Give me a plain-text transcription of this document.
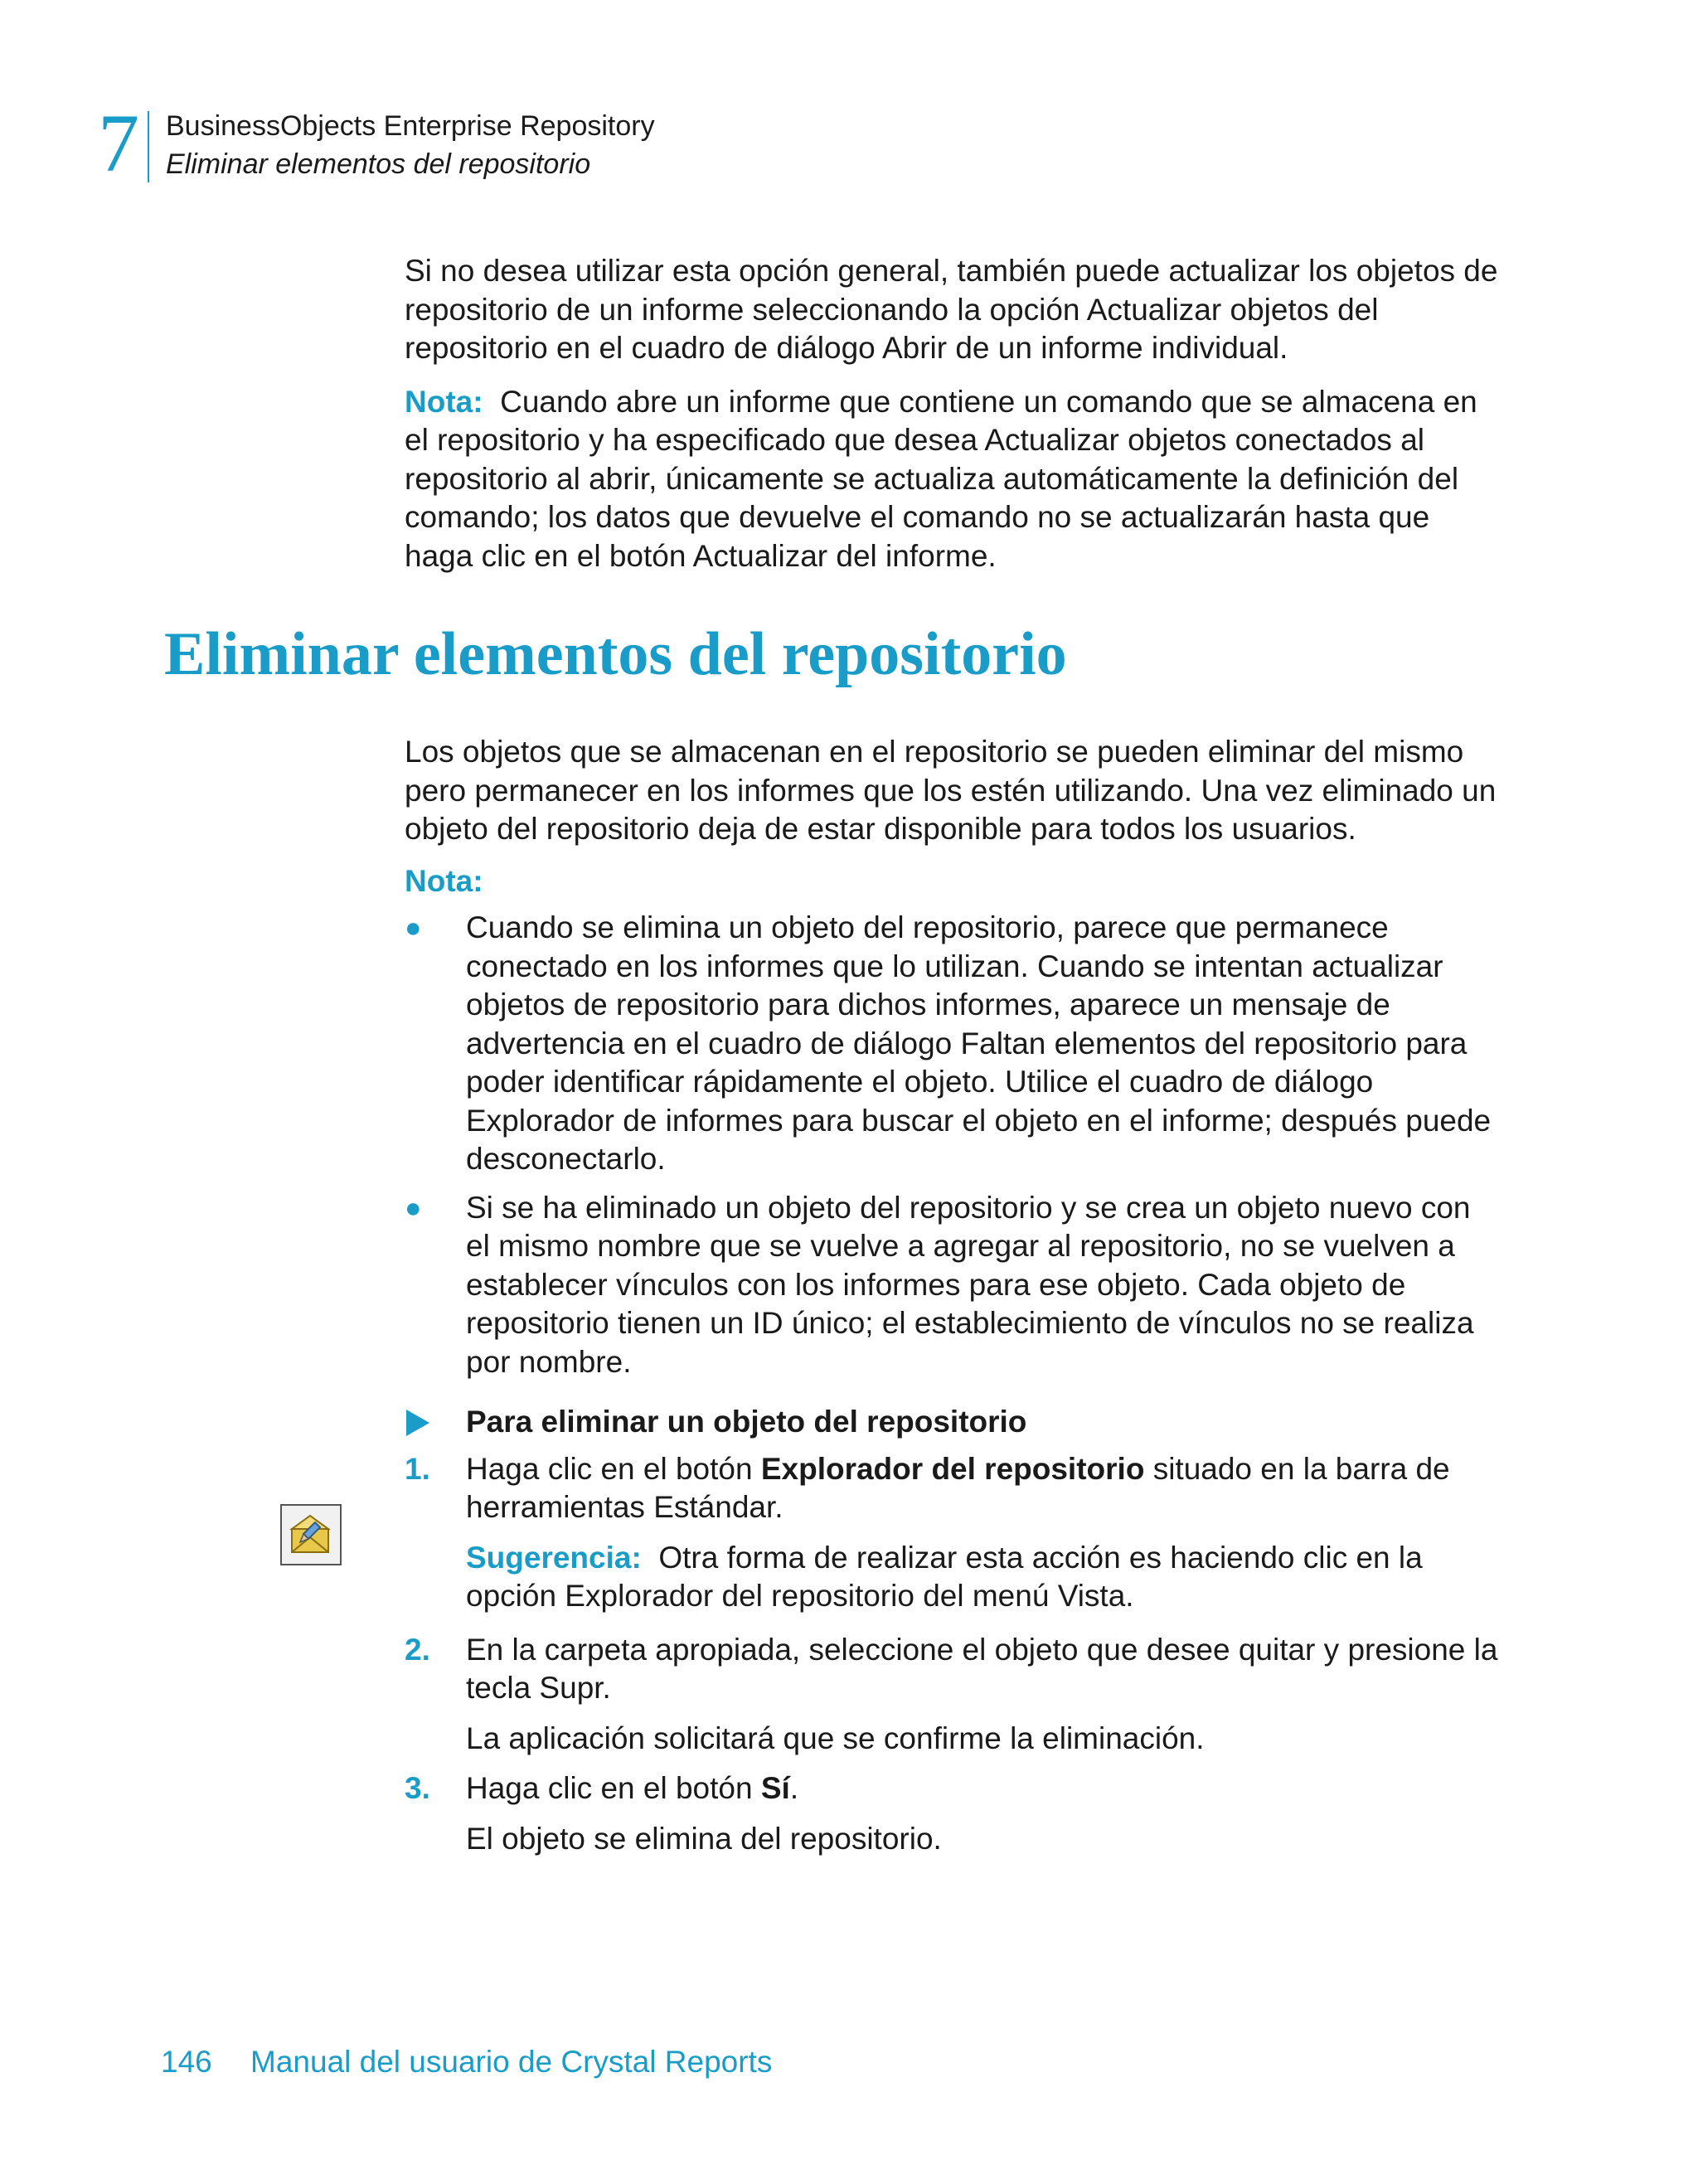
7 BusinessObjects Enterprise Repository
Eliminar elementos del repositorio

Si no desea utilizar esta opción general, también puede actualizar los objetos de repositorio de un informe seleccionando la opción Actualizar objetos del repositorio en el cuadro de diálogo Abrir de un informe individual.

Nota: Cuando abre un informe que contiene un comando que se almacena en el repositorio y ha especificado que desea Actualizar objetos conectados al repositorio al abrir, únicamente se actualiza automáticamente la definición del comando; los datos que devuelve el comando no se actualizarán hasta que haga clic en el botón Actualizar del informe.

Eliminar elementos del repositorio

Los objetos que se almacenan en el repositorio se pueden eliminar del mismo pero permanecer en los informes que los estén utilizando. Una vez eliminado un objeto del repositorio deja de estar disponible para todos los usuarios.

Nota:

● Cuando se elimina un objeto del repositorio, parece que permanece conectado en los informes que lo utilizan. Cuando se intentan actualizar objetos de repositorio para dichos informes, aparece un mensaje de advertencia en el cuadro de diálogo Faltan elementos del repositorio para poder identificar rápidamente el objeto. Utilice el cuadro de diálogo Explorador de informes para buscar el objeto en el informe; después puede desconectarlo.
● Si se ha eliminado un objeto del repositorio y se crea un objeto nuevo con el mismo nombre que se vuelve a agregar al repositorio, no se vuelven a establecer vínculos con los informes para ese objeto. Cada objeto de repositorio tienen un ID único; el establecimiento de vínculos no se realiza por nombre.
Para eliminar un objeto del repositorio
1. Haga clic en el botón Explorador del repositorio situado en la barra de herramientas Estándar.

Sugerencia: Otra forma de realizar esta acción es haciendo clic en la opción Explorador del repositorio del menú Vista.

2. En la carpeta apropiada, seleccione el objeto que desee quitar y presione la tecla Supr.

La aplicación solicitará que se confirme la eliminación.

3. Haga clic en el botón Sí.

El objeto se elimina del repositorio.

146 Manual del usuario de Crystal Reports
